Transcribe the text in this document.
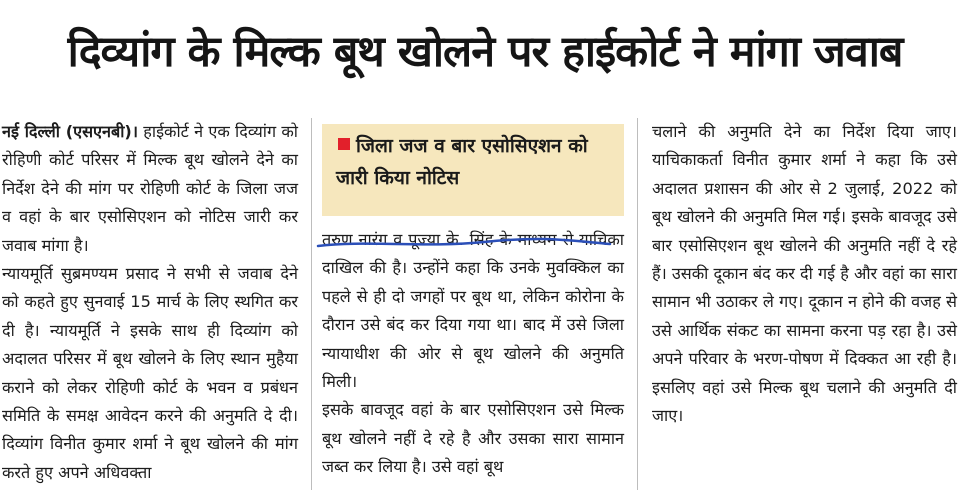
दिव्यांग के मिल्क बूथ खोलने पर हाईकोर्ट ने मांगा जवाब

नई दिल्ली (एसएनबी)। हाईकोर्ट ने एक दिव्यांग को रोहिणी कोर्ट परिसर में मिल्क बूथ खोलने देने का निर्देश देने की मांग पर रोहिणी कोर्ट के जिला जज व वहां के बार एसोसिएशन को नोटिस जारी कर जवाब मांगा है।

न्यायमूर्ति सुब्रमण्यम प्रसाद ने सभी से जवाब देने को कहते हुए सुनवाई 15 मार्च के लिए स्थगित कर दी है। न्यायमूर्ति ने इसके साथ ही दिव्यांग को अदालत परिसर में बूथ खोलने के लिए स्थान मुहैया कराने को लेकर रोहिणी कोर्ट के भवन व प्रबंधन समिति के समक्ष आवेदन करने की अनुमति दे दी।दिव्यांग विनीत कुमार शर्मा ने बूथ खोलने की मांग करते हुए अपने अधिवक्ता

जिला जज व बार एसोसिएशन को जारी किया नोटिस

तरुण नारंग व पूज्या के. सिंह के माध्यम से याचिका दाखिल की है। उन्होंने कहा कि उनके मुवक्किल का पहले से ही दो जगहों पर बूथ था, लेकिन कोरोना के दौरान उसे बंद कर दिया गया था। बाद में उसे जिला न्यायाधीश की ओर से बूथ खोलने की अनुमति मिली।

इसके बावजूद वहां के बार एसोसिएशन उसे मिल्क बूथ खोलने नहीं दे रहे है और उसका सारा सामान जब्त कर लिया है। उसे वहां बूथ

चलाने की अनुमति देने का निर्देश दिया जाए। याचिकाकर्ता विनीत कुमार शर्मा ने कहा कि उसे अदालत प्रशासन की ओर से 2 जुलाई, 2022 को बूथ खोलने की अनुमति मिल गई। इसके बावजूद उसे बार एसोसिएशन बूथ खोलने की अनुमति नहीं दे रहे हैं। उसकी दूकान बंद कर दी गई है और वहां का सारा सामान भी उठाकर ले गए। दूकान न होने की वजह से उसे आर्थिक संकट का सामना करना पड़ रहा है। उसे अपने परिवार के भरण-पोषण में दिक्कत आ रही है। इसलिए वहां उसे मिल्क बूथ चलाने की अनुमति दी जाए।
